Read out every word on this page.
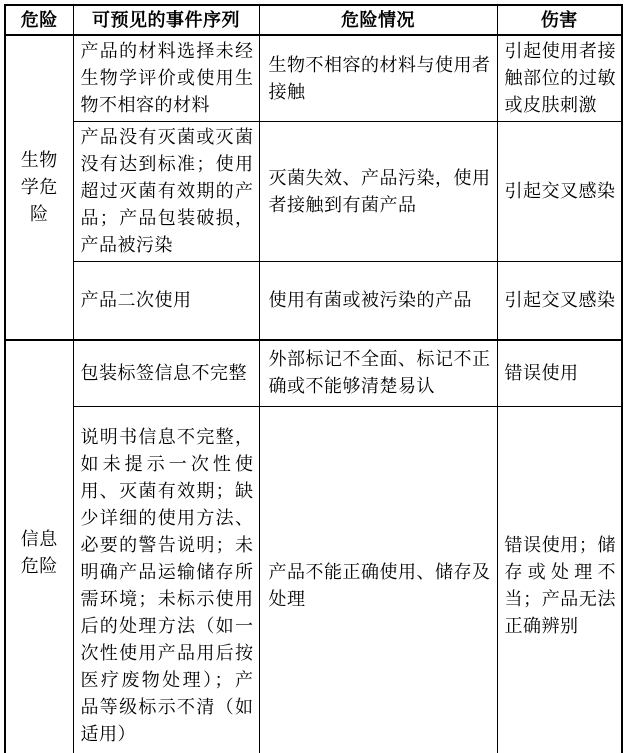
危险	可预见的事件序列	危险情况	伤害
生物学危险	产品的材料选择未经生物学评价或使用生物不相容的材料	生物不相容的材料与使用者接触	引起使用者接触部位的过敏或皮肤刺激
	产品没有灭菌或灭菌没有达到标准；使用超过灭菌有效期的产品；产品包装破损，产品被污染	灭菌失效、产品污染，使用者接触到有菌产品	引起交叉感染
	产品二次使用	使用有菌或被污染的产品	引起交叉感染
信息危险	包装标签信息不完整	外部标记不全面、标记不正确或不能够清楚易认	错误使用
	说明书信息不完整，如未提示一次性使用、灭菌有效期；缺少详细的使用方法、必要的警告说明；未明确产品运输储存所需环境；未标示使用后的处理方法（如一次性使用产品用后按医疗废物处理）；产品等级标示不清（如适用）	产品不能正确使用、储存及处理	错误使用；储存或处理不当；产品无法正确辨别
